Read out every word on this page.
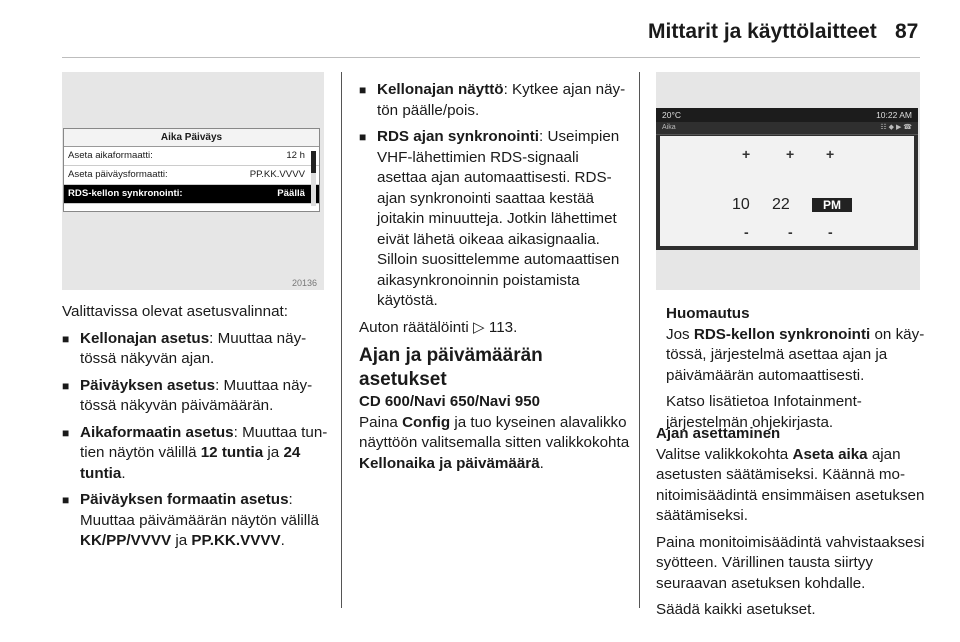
Mittarit ja käyttölaitteet 87
20136
Aika Päiväys
Aseta aikaformaatti:	12 h
Aseta päiväysformaatti:	PP.KK.VVVV
RDS-kellon synkronointi:	Päällä

Valittavissa olevat asetusvalinnat:

■ Kellonajan asetus: Muuttaa näytössä näkyvän ajan.
■ Päiväyksen asetus: Muuttaa näytössä näkyvän päivämäärän.
■ Aikaformaatin asetus: Muuttaa tuntien näytön välillä 12 tuntia ja 24 tuntia.
■ Päiväyksen formaatin asetus: Muuttaa päivämäärän näytön välillä KK/PP/VVVV ja PP.KK.VVVV.
■ Kellonajan näyttö: Kytkee ajan näytön päälle/pois.
■ RDS ajan synkronointi: Useimpien VHF-lähettimien RDS-signaali asettaa ajan automaattisesti. RDS-ajan synkronointi saattaa kestää joitakin minuutteja. Jotkin lähettimet eivät lähetä oikeaa aikasignaalia. Silloin suosittelemme automaattisen aikasynkronoinnin poistamista käytöstä.

Auton räätälöinti ▷ 113.

Ajan ja päivämäärän asetukset
CD 600/Navi 650/Navi 950

Paina Config ja tuo kyseinen alavalikko näyttöön valitsemalla sitten valikkokohta Kellonaika ja päivämäärä.

20°C	10:22 AM
Aika	☷ ◆ ▶ ☎
+	+ +
10 22	PM
-	-	-
Huomautus

Jos RDS-kellon synkronointi on käytössä, järjestelmä asettaa ajan ja päivämäärän automaattisesti.

Katso lisätietoa Infotainment-järjestelmän ohjekirjasta.

Ajan asettaminen

Valitse valikkokohta Aseta aika ajan asetusten säätämiseksi. Käännä monitoimisäädintä ensimmäisen asetuksen säätämiseksi.

Paina monitoimisäädintä vahvistaaksesi syötteen. Värillinen tausta siirtyy seuraavan asetuksen kohdalle.

Säädä kaikki asetukset.
